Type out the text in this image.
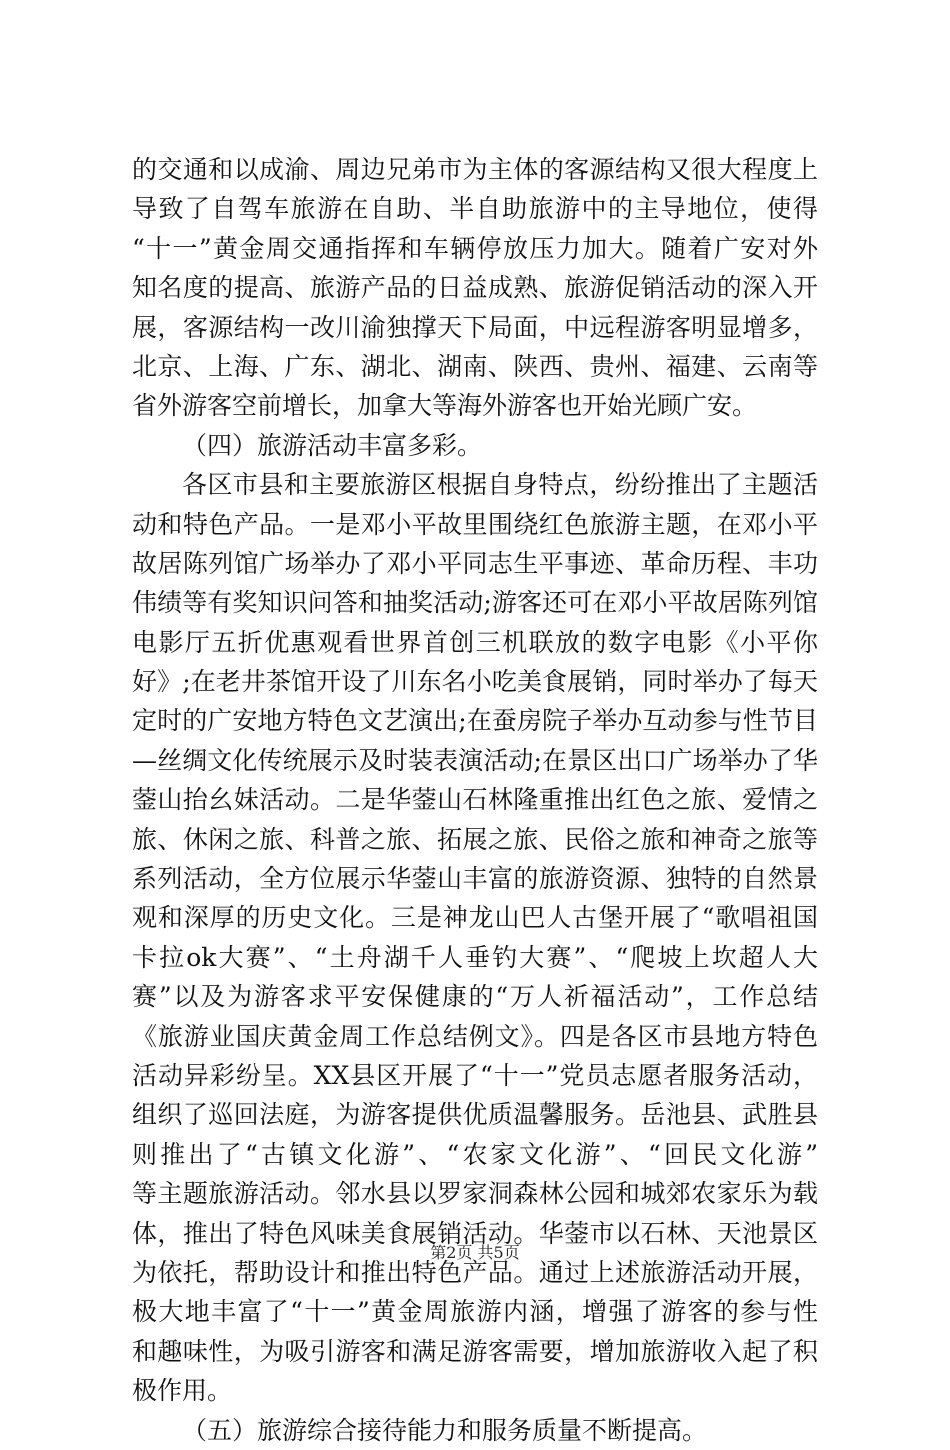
的交通和以成渝、周边兄弟市为主体的客源结构又很大程度上
导致了自驾车旅游在自助、半自助旅游中的主导地位，使得
“十一”黄金周交通指挥和车辆停放压力加大。随着广安对外
知名度的提高、旅游产品的日益成熟、旅游促销活动的深入开
展，客源结构一改川渝独撑天下局面，中远程游客明显增多，
北京、上海、广东、湖北、湖南、陕西、贵州、福建、云南等
省外游客空前增长，加拿大等海外游客也开始光顾广安。
（四）旅游活动丰富多彩。
各区市县和主要旅游区根据自身特点，纷纷推出了主题活
动和特色产品。一是邓小平故里围绕红色旅游主题，在邓小平
故居陈列馆广场举办了邓小平同志生平事迹、革命历程、丰功
伟绩等有奖知识问答和抽奖活动;游客还可在邓小平故居陈列馆
电影厅五折优惠观看世界首创三机联放的数字电影《小平你
好》;在老井茶馆开设了川东名小吃美食展销，同时举办了每天
定时的广安地方特色文艺演出;在蚕房院子举办互动参与性节目
—丝绸文化传统展示及时装表演活动;在景区出口广场举办了华
蓥山抬幺妹活动。二是华蓥山石林隆重推出红色之旅、爱情之
旅、休闲之旅、科普之旅、拓展之旅、民俗之旅和神奇之旅等
系列活动，全方位展示华蓥山丰富的旅游资源、独特的自然景
观和深厚的历史文化。三是神龙山巴人古堡开展了“歌唱祖国
卡拉ok大赛”、“土舟湖千人垂钓大赛”、“爬坡上坎超人大
赛”以及为游客求平安保健康的“万人祈福活动”，工作总结
《旅游业国庆黄金周工作总结例文》。四是各区市县地方特色
活动异彩纷呈。XX县区开展了“十一”党员志愿者服务活动，
组织了巡回法庭，为游客提供优质温馨服务。岳池县、武胜县
则推出了“古镇文化游”、“农家文化游”、“回民文化游”
等主题旅游活动。邻水县以罗家洞森林公园和城郊农家乐为载
体，推出了特色风味美食展销活动。华蓥市以石林、天池景区
为依托，帮助设计和推出特色产品。通过上述旅游活动开展，
极大地丰富了“十一”黄金周旅游内涵，增强了游客的参与性
和趣味性，为吸引游客和满足游客需要，增加旅游收入起了积
极作用。
（五）旅游综合接待能力和服务质量不断提高。
第2页 共5页
